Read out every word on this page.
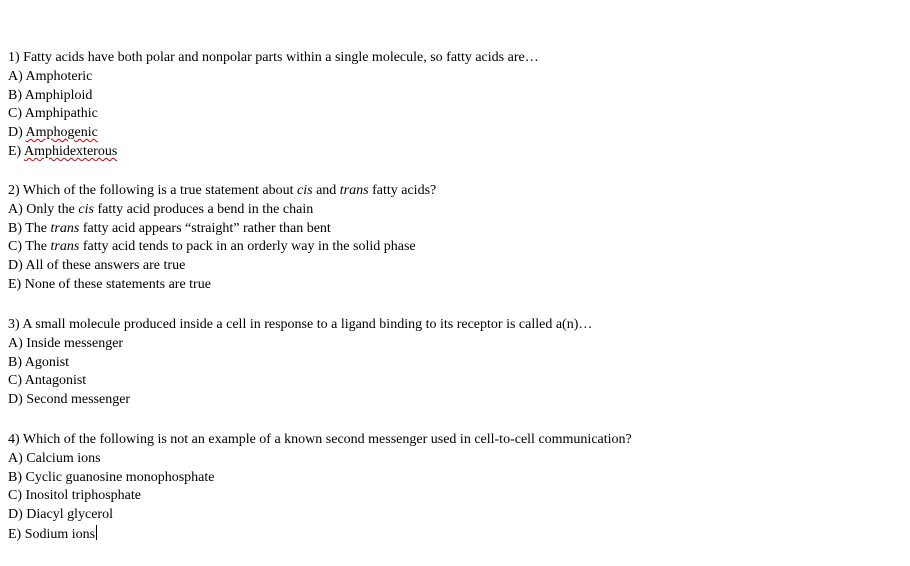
1) Fatty acids have both polar and nonpolar parts within a single molecule, so fatty acids are…
A) Amphoteric
B) Amphiploid
C) Amphipathic
D) Amphogenic
E) Amphidexterous
2) Which of the following is a true statement about cis and trans fatty acids?
A) Only the cis fatty acid produces a bend in the chain
B) The trans fatty acid appears “straight” rather than bent
C) The trans fatty acid tends to pack in an orderly way in the solid phase
D) All of these answers are true
E) None of these statements are true
3) A small molecule produced inside a cell in response to a ligand binding to its receptor is called a(n)…
A) Inside messenger
B) Agonist
C) Antagonist
D) Second messenger
4) Which of the following is not an example of a known second messenger used in cell-to-cell communication?
A) Calcium ions
B) Cyclic guanosine monophosphate
C) Inositol triphosphate
D) Diacyl glycerol
E) Sodium ions
